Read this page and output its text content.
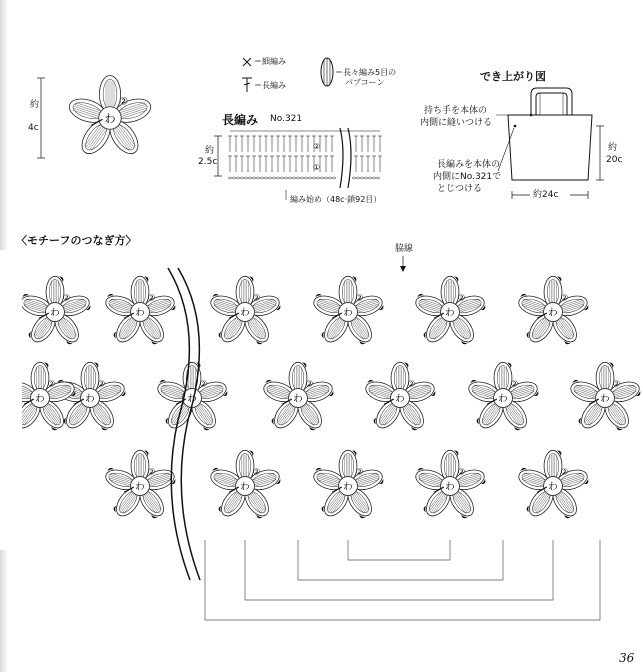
わ
②
約
4c
＝細編み
＝長編み
＝長々編み5目の
パプコーン
長編み No.321
約
2.5c
②
①
編み始め（48c·鎖92目）
でき上がり図
持ち手を本体の
内側に縫いつける
長編みを本体の
内側にNo.321で
とじつける
約
20c
約24c
〈モチーフのつなぎ方〉
脇線
わ
②
わ
②
わ
②
わ
②
わ
②
わ
②
わ
②
わ
②
わ
②
わ
②
わ
②
わ
②
わ
②
わ
②
わ
②
わ
②
わ
②
わ
②
36
